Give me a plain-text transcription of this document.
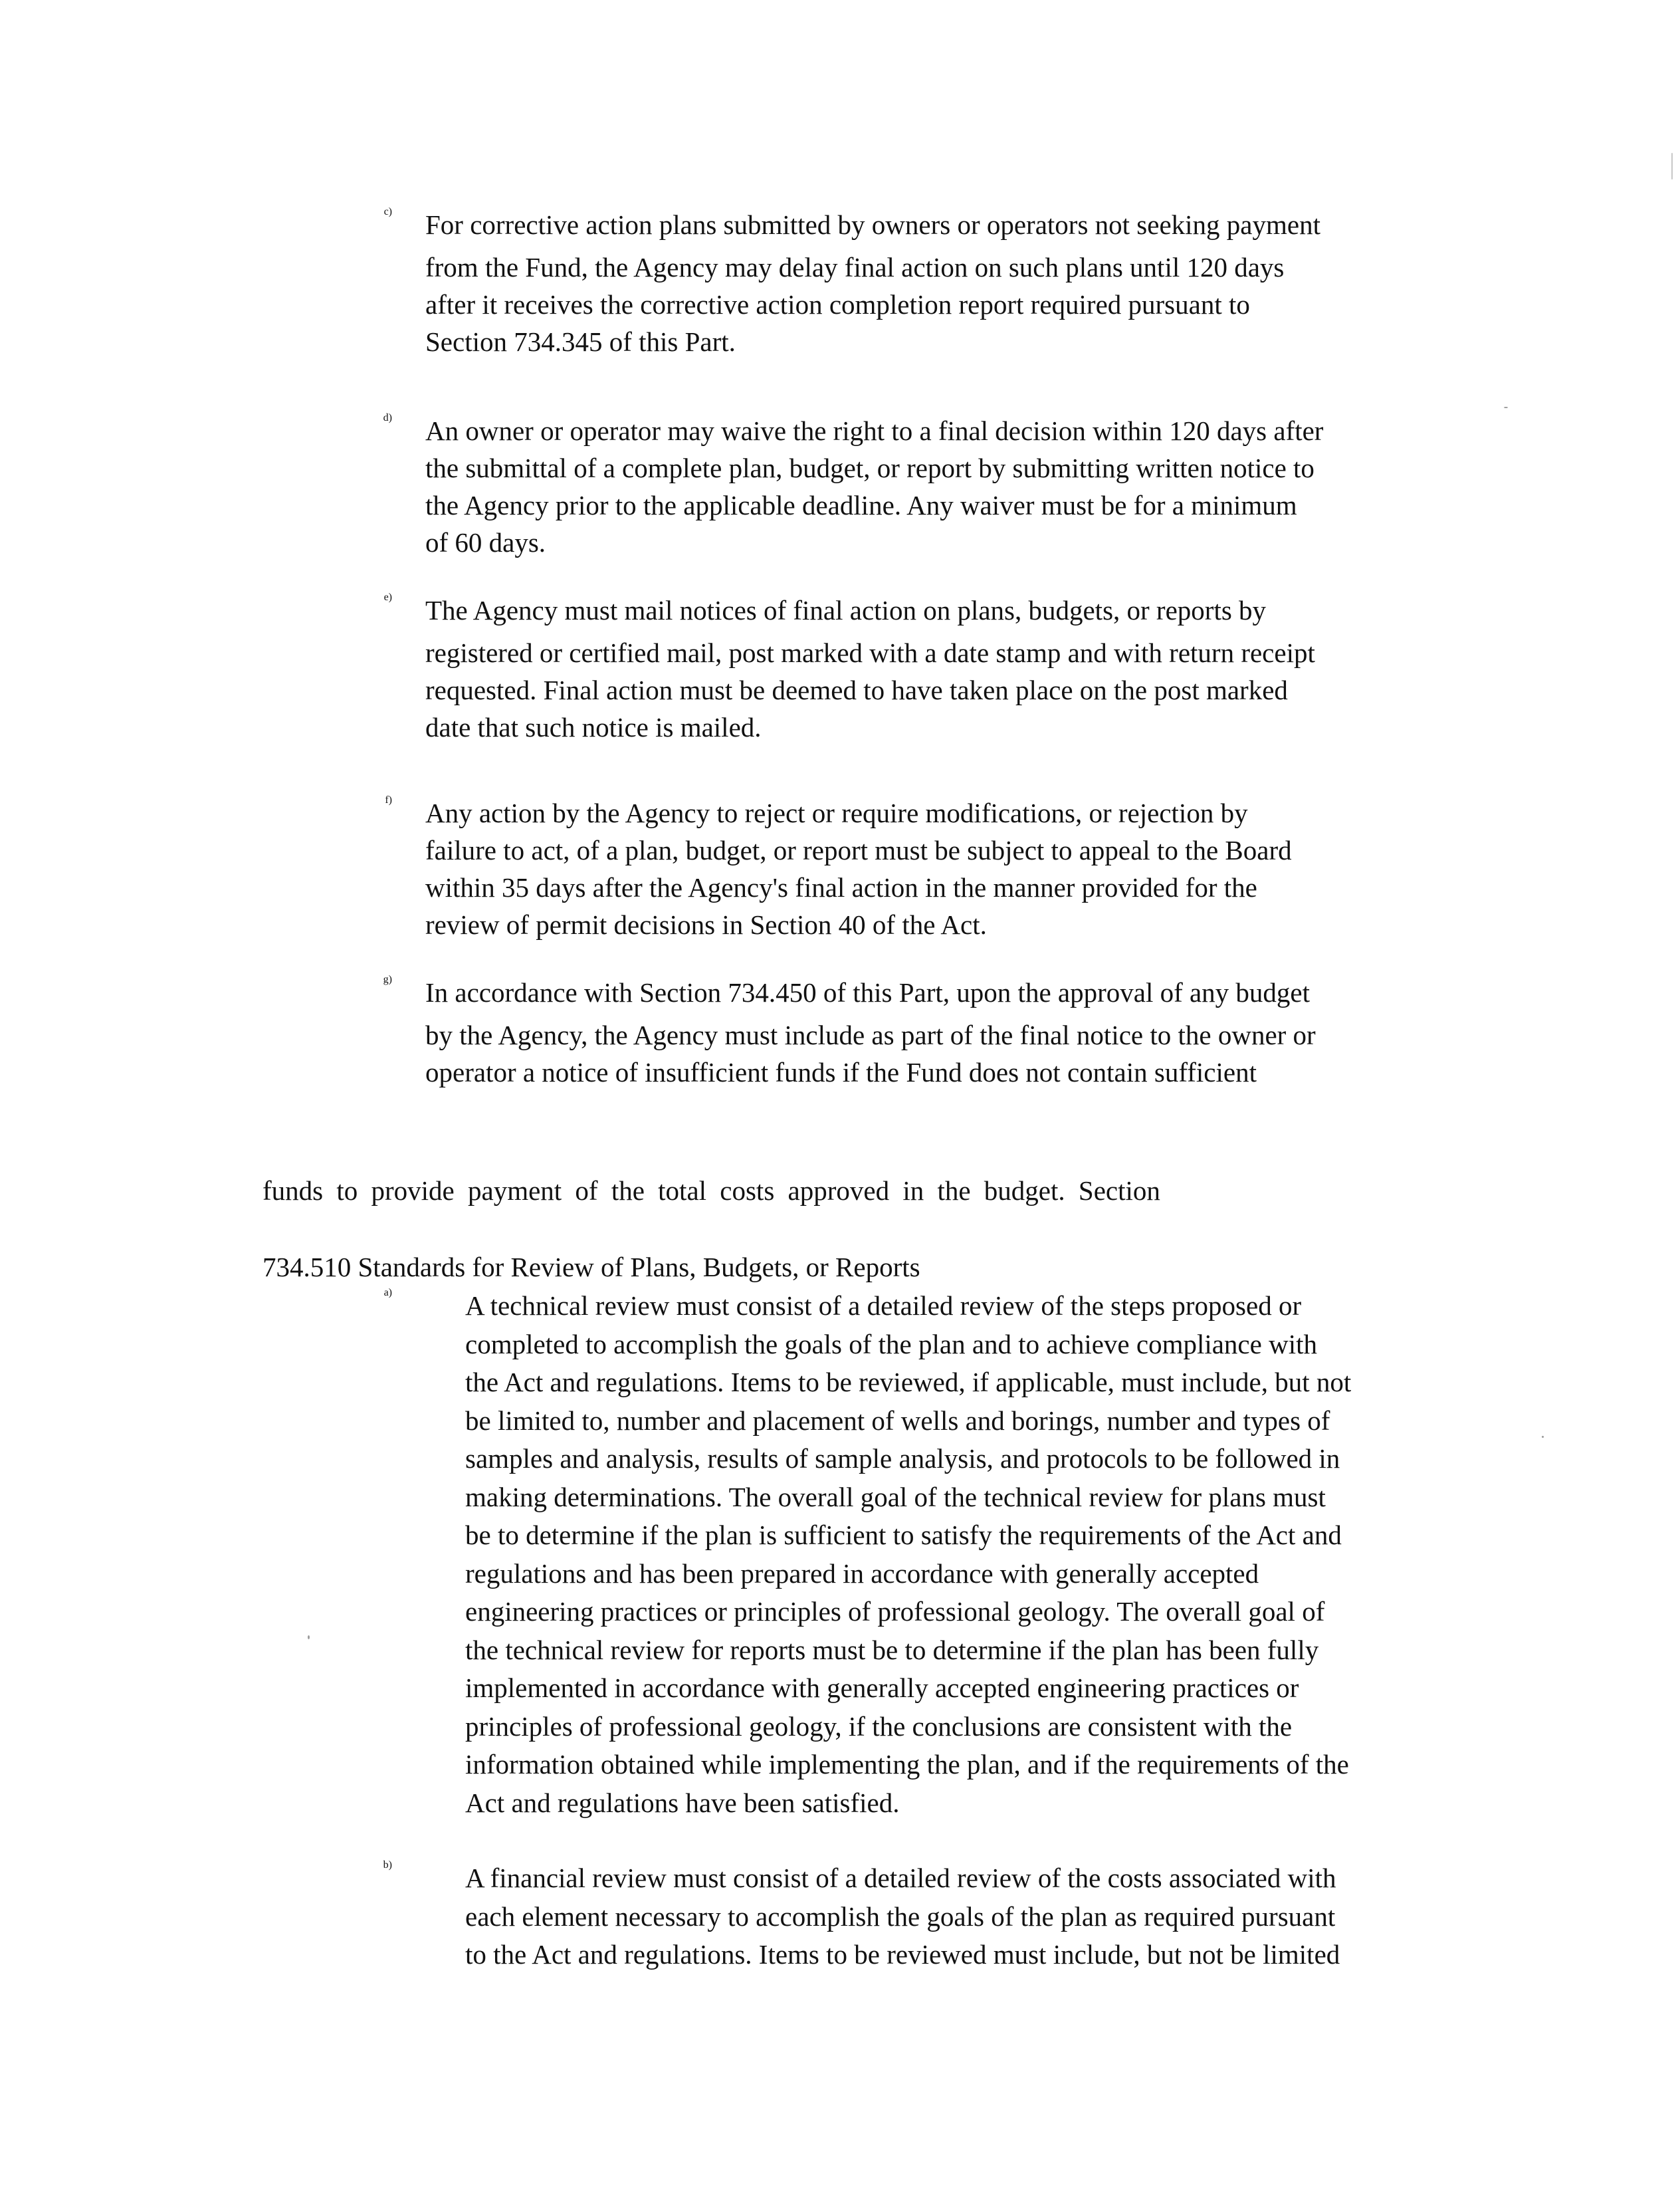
c) For corrective action plans submitted by owners or operators not seeking payment
from the Fund, the Agency may delay final action on such plans until 120 days
after it receives the corrective action completion report required pursuant to
Section 734.345 of this Part.
d) An owner or operator may waive the right to a final decision within 120 days after
the submittal of a complete plan, budget, or report by submitting written notice to
the Agency prior to the applicable deadline. Any waiver must be for a minimum
of 60 days.
e) The Agency must mail notices of final action on plans, budgets, or reports by
registered or certified mail, post marked with a date stamp and with return receipt
requested. Final action must be deemed to have taken place on the post marked
date that such notice is mailed.
f) Any action by the Agency to reject or require modifications, or rejection by
failure to act, of a plan, budget, or report must be subject to appeal to the Board
within 35 days after the Agency's final action in the manner provided for the
review of permit decisions in Section 40 of the Act.
g) In accordance with Section 734.450 of this Part, upon the approval of any budget
by the Agency, the Agency must include as part of the final notice to the owner or
operator a notice of insufficient funds if the Fund does not contain sufficient
funds to provide payment of the total costs approved in the budget. Section
734.510 Standards for Review of Plans, Budgets, or Reports
a)	A technical review must consist of a detailed review of the steps proposed or
completed to accomplish the goals of the plan and to achieve compliance with
the Act and regulations. Items to be reviewed, if applicable, must include, but not
be limited to, number and placement of wells and borings, number and types of
samples and analysis, results of sample analysis, and protocols to be followed in
making determinations. The overall goal of the technical review for plans must
be to determine if the plan is sufficient to satisfy the requirements of the Act and
regulations and has been prepared in accordance with generally accepted
engineering practices or principles of professional geology. The overall goal of
the technical review for reports must be to determine if the plan has been fully
implemented in accordance with generally accepted engineering practices or
principles of professional geology, if the conclusions are consistent with the
information obtained while implementing the plan, and if the requirements of the
Act and regulations have been satisfied.
b)	A financial review must consist of a detailed review of the costs associated with
each element necessary to accomplish the goals of the plan as required pursuant
to the Act and regulations. Items to be reviewed must include, but not be limited
